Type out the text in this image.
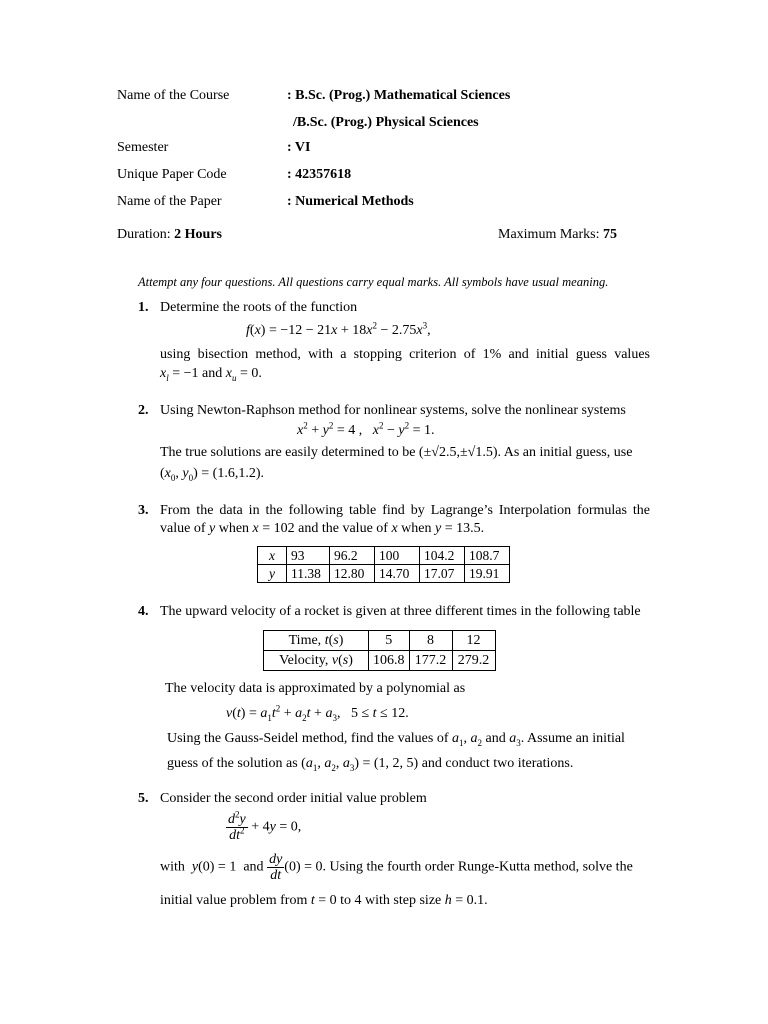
Name of the Course	: B.Sc. (Prog.) Mathematical Sciences
/B.Sc. (Prog.) Physical Sciences
Semester	: VI
Unique Paper Code	: 42357618
Name of the Paper	: Numerical Methods
Duration: 2 Hours	Maximum Marks: 75
Attempt any four questions. All questions carry equal marks. All symbols have usual meaning.
1. Determine the roots of the function
$f(x) = -12 - 21x + 18x^2 - 2.75x^3$,
using bisection method, with a stopping criterion of 1% and initial guess values
$x_l = -1$ and $x_u = 0$.
2. Using Newton-Raphson method for nonlinear systems, solve the nonlinear systems
$x^2 + y^2 = 4$ ,   $x^2 - y^2 = 1$.
The true solutions are easily determined to be (±√2.5,±√1.5). As an initial guess, use
($x_0$, $y_0) = (1.6,1.2)$.
3. From the data in the following table find by Lagrange’s Interpolation formulas the
value of y when x = 102 and the value of x when y = 13.5.
x	93	96.2	100	104.2	108.7
y	11.38	12.80	14.70	17.07	19.91
4. The upward velocity of a rocket is given at three different times in the following table
Time, t(s)	5	8	12
Velocity, v(s)	106.8	177.2	279.2
The velocity data is approximated by a polynomial as
$v(t) = a_1t^2 + a_2t + a_3$,   5 ≤ t ≤ 12.
Using the Gauss-Seidel method, find the values of $a_1$, $a_2$ and $a_3$. Assume an initial
guess of the solution as ($a_1$, $a_2$, $a_3) = (1$, 2, 5) and conduct two iterations.
5. Consider the second order initial value problem
$\frac{d^2y}{dt^2} + 4y = 0$,
with y(0) = 1  and $\frac{dy}{dt} (0) = 0$. Using the fourth order Runge-Kutta method, solve the
initial value problem from t = 0 to 4 with step size h = 0.1.
